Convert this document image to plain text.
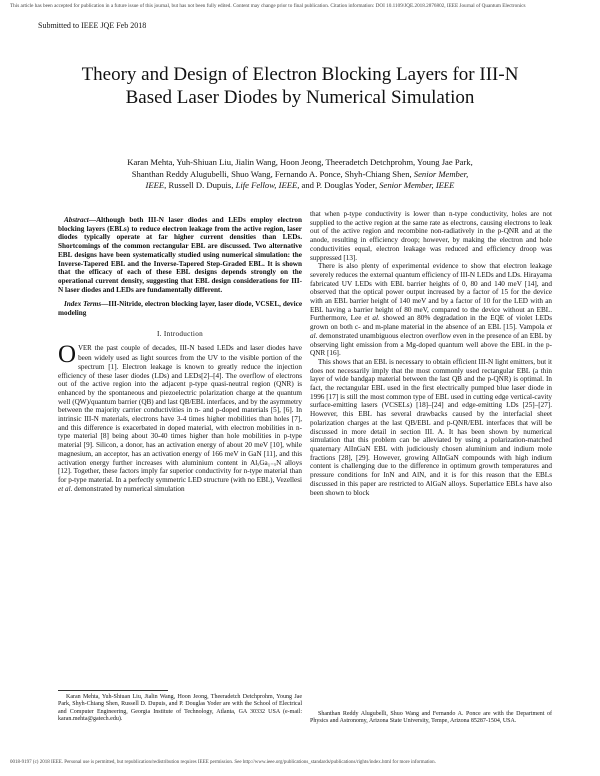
This article has been accepted for publication in a future issue of this journal, but has not been fully edited. Content may change prior to final publication. Citation information: DOI 10.1109/JQE.2018.2876802, IEEE Journal of Quantum Electronics
Submitted to IEEE JQE Feb 2018
Theory and Design of Electron Blocking Layers for III-N Based Laser Diodes by Numerical Simulation
Karan Mehta, Yuh-Shiuan Liu, Jialin Wang, Hoon Jeong, Theeradetch Detchprohm, Young Jae Park,
Shanthan Reddy Alugubelli, Shuo Wang, Fernando A. Ponce, Shyh-Chiang Shen, Senior Member,
IEEE, Russell D. Dupuis, Life Fellow, IEEE, and P. Douglas Yoder, Senior Member, IEEE

Abstract—Although both III-N laser diodes and LEDs employ electron blocking layers (EBLs) to reduce electron leakage from the active region, laser diodes typically operate at far higher current densities than LEDs. Shortcomings of the common rectangular EBL are discussed. Two alternative EBL designs have been systematically studied using numerical simulation: the Inverse-Tapered EBL and the Inverse-Tapered Step-Graded EBL. It is shown that the efficacy of each of these EBL designs depends strongly on the operational current density, suggesting that EBL design considerations for III-N laser diodes and LEDs are fundamentally different.

Index Terms—III-Nitride, electron blocking layer, laser diode, VCSEL, device modeling

I. Introduction

OVER the past couple of decades, III-N based LEDs and laser diodes have been widely used as light sources from the UV to the visible portion of the spectrum [1]. Electron leakage is known to greatly reduce the injection efficiency of these laser diodes (LDs) and LEDs[2]–[4]. The overflow of electrons out of the active region into the adjacent p-type quasi-neutral region (QNR) is enhanced by the spontaneous and piezoelectric polarization charge at the quantum well (QW)/quantum barrier (QB) and last QB/EBL interfaces, and by the asymmetry between the majority carrier conductivities in n- and p-doped materials [5], [6]. In intrinsic III-N materials, electrons have 3-4 times higher mobilities than holes [7], and this difference is exacerbated in doped material, with electron mobilities in n-type material [8] being about 30-40 times higher than hole mobilities in p-type material [9]. Silicon, a donor, has an activation energy of about 20 meV [10], while magnesium, an acceptor, has an activation energy of 166 meV in GaN [11], and this activation energy further increases with aluminium content in AlₓGa₁₋ₓN alloys [12]. Together, these factors imply far superior conductivity for n-type material than for p-type material. In a perfectly symmetric LED structure (with no EBL), Vezellesi et al. demonstrated by numerical simulation

that when p-type conductivity is lower than n-type conductivity, holes are not supplied to the active region at the same rate as electrons, causing electrons to leak out of the active region and recombine non-radiatively in the p-QNR and at the anode, resulting in efficiency droop; however, by making the electron and hole conductivities equal, electron leakage was reduced and efficiency droop was suppressed [13].

There is also plenty of experimental evidence to show that electron leakage severely reduces the external quantum efficiency of III-N LEDs and LDs. Hirayama fabricated UV LEDs with EBL barrier heights of 0, 80 and 140 meV [14], and observed that the optical power output increased by a factor of 15 for the device with an EBL barrier height of 140 meV and by a factor of 10 for the LED with an EBL having a barrier height of 80 meV, compared to the device without an EBL. Furthermore, Lee et al. showed an 80% degradation in the EQE of violet LEDs grown on both c- and m-plane material in the absence of an EBL [15]. Vampola et al. demonstrated unambiguous electron overflow even in the presence of an EBL by observing light emission from a Mg-doped quantum well above the EBL in the p-QNR [16].

This shows that an EBL is necessary to obtain efficient III-N light emitters, but it does not necessarily imply that the most commonly used rectangular EBL (a thin layer of wide bandgap material between the last QB and the p-QNR) is optimal. In fact, the rectangular EBL used in the first electrically pumped blue laser diode in 1996 [17] is still the most common type of EBL used in cutting edge vertical-cavity surface-emitting lasers (VCSELs) [18]–[24] and edge-emitting LDs [25]–[27]. However, this EBL has several drawbacks caused by the interfacial sheet polarization charges at the last QB/EBL and p-QNR/EBL interfaces that will be discussed in more detail in section III. A. It has been shown by numerical simulation that this problem can be alleviated by using a polarization-matched quaternary AlInGaN EBL with judiciously chosen aluminium and indium mole fractions [28], [29]. However, growing AlInGaN compounds with high indium content is challenging due to the difference in optimum growth temperatures and pressure conditions for InN and AlN, and it is for this reason that the EBLs discussed in this paper are restricted to AlGaN alloys. Superlattice EBLs have also been shown to block

Karan Mehta, Yuh-Shiuan Liu, Jialin Wang, Hoon Jeong, Theeradetch Detchprohm, Young Jae Park, Shyh-Chiang Shen, Russell D. Dupuis, and P. Douglas Yoder are with the School of Electrical and Computer Engineering, Georgia Institute of Technology, Atlanta, GA 30332 USA (e-mail: karan.mehta@gatech.edu).
Shanthan Reddy Alugubelli, Shuo Wang and Fernando A. Ponce are with the Department of Physics and Astronomy, Arizona State University, Tempe, Arizona 85287-1504, USA.
0018-9197 (c) 2018 IEEE. Personal use is permitted, but republication/redistribution requires IEEE permission. See http://www.ieee.org/publications_standards/publications/rights/index.html for more information.
